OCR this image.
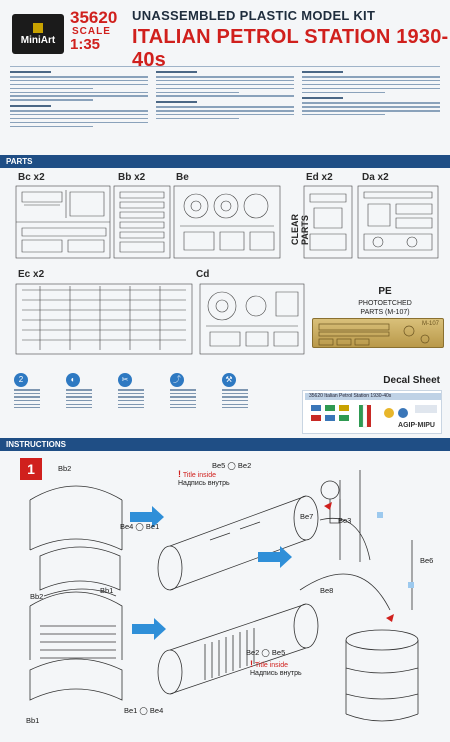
MiniArt
35620
SCALE
1:35
UNASSEMBLED PLASTIC MODEL KIT
ITALIAN PETROL STATION 1930-40s
PARTS
Bc x2	Bb x2	Be	Ed x2	Da x2
Ec x2	Cd
CLEAR PARTS
PE
PHOTOETCHED
PARTS (M-107)
M-107
2	◐	✂	⤴	⚒	Decal Sheet
35620 Italian Petrol Station 1930-40s
AGIP·MIPU
INSTRUCTIONS
1	Bb2	Be5 ◯ Be2
Be4 ◯ Be1
Bb2
Bb1
Be2 ◯ Be5
Be1 ◯ Be4
Bb1
Be7	Be3
Be8
Be6
! Title inside
Надпись внутрь
! Title inside
Надпись внутрь
